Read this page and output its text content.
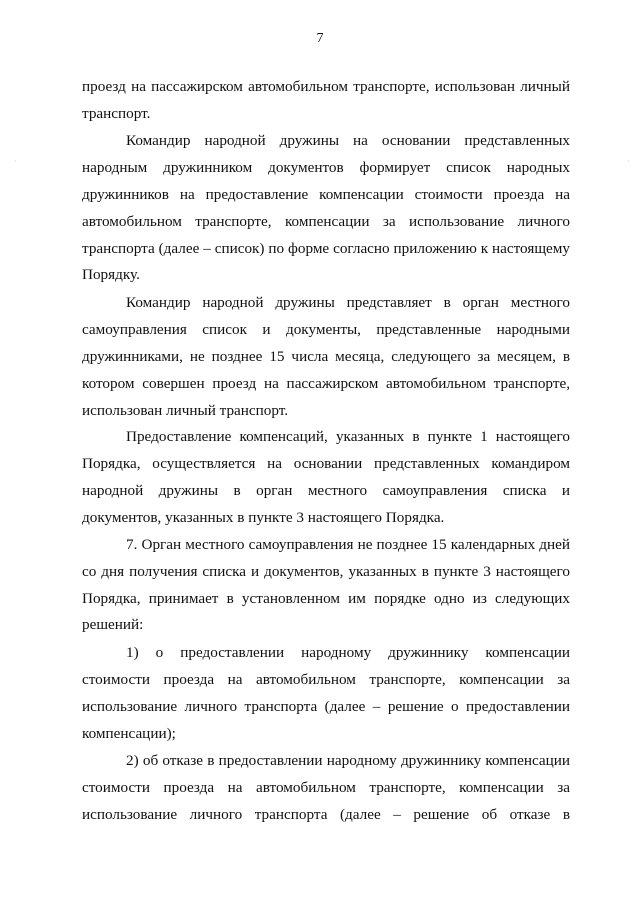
7
·	·
проезд на пассажирском автомобильном транспорте, использован личный
транспорт.
Командир народной дружины на основании представленных
народным дружинником документов формирует список народных
дружинников на предоставление компенсации стоимости проезда на
автомобильном транспорте, компенсации за использование личного
транспорта (далее – список) по форме согласно приложению к настоящему
Порядку.
Командир народной дружины представляет в орган местного
самоуправления список и документы, представленные народными
дружинниками, не позднее 15 числа месяца, следующего за месяцем, в
котором совершен проезд на пассажирском автомобильном транспорте,
использован личный транспорт.
Предоставление компенсаций, указанных в пункте 1 настоящего
Порядка, осуществляется на основании представленных командиром
народной дружины в орган местного самоуправления списка и
документов, указанных в пункте 3 настоящего Порядка.
7. Орган местного самоуправления не позднее 15 календарных дней
со дня получения списка и документов, указанных в пункте 3 настоящего
Порядка, принимает в установленном им порядке одно из следующих
решений:
1) о предоставлении народному дружиннику компенсации
стоимости проезда на автомобильном транспорте, компенсации за
использование личного транспорта (далее – решение о предоставлении
компенсации);
2) об отказе в предоставлении народному дружиннику компенсации
стоимости проезда на автомобильном транспорте, компенсации за
использование личного транспорта (далее – решение об отказе в
